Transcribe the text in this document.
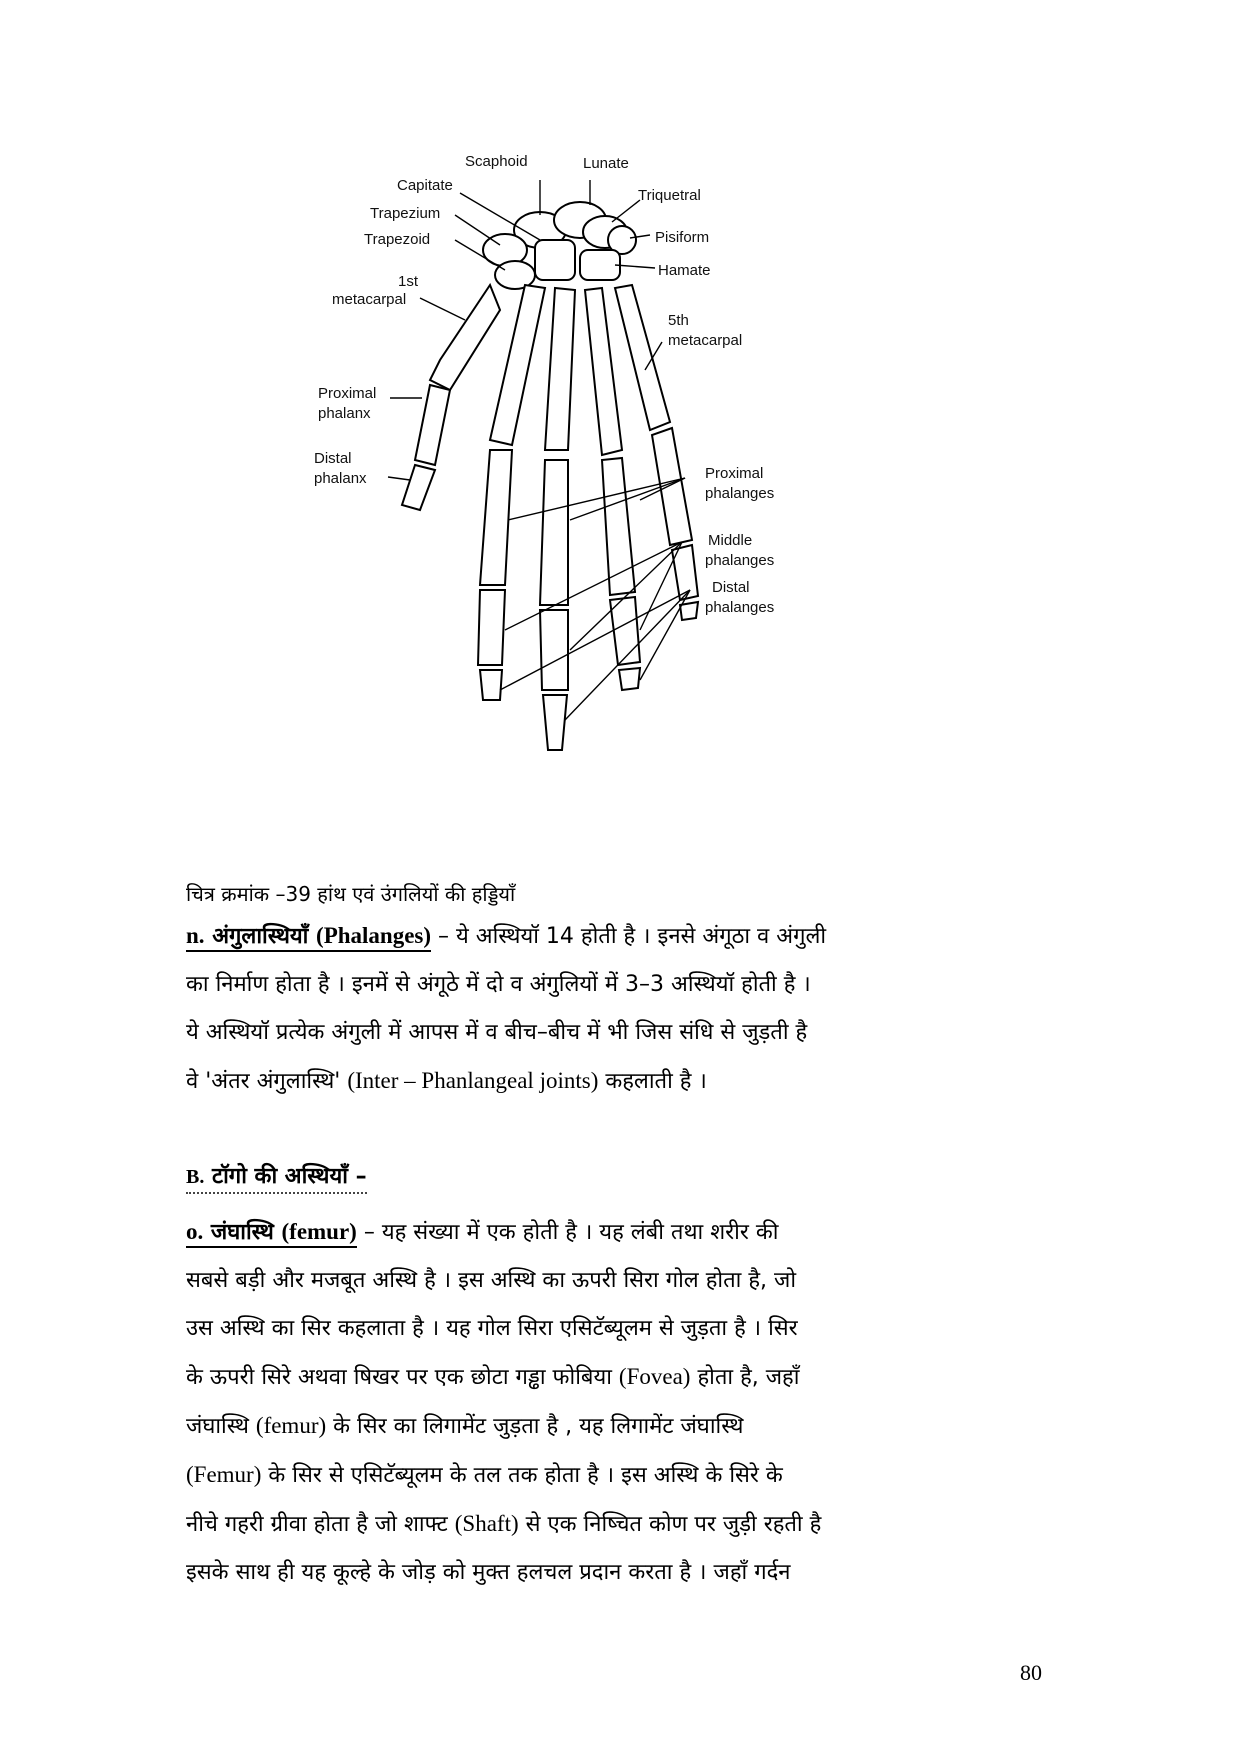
Scaphoid	Lunate
Capitate
Triquetral
Trapezium
Pisiform
Trapezoid
Hamate
1st
metacarpal
5th
metacarpal
Proximal
phalanx
Distal
phalanx	Proximal
phalanges
Middle
phalanges
Distal
phalanges
चित्र क्रमांक –39 हांथ एवं उंगलियों की हड्डियॉं
n. अंगुलास्थियॉं (Phalanges) – ये अस्थियॉ 14 होती है । इनसे अंगूठा व अंगुली
का निर्माण होता है । इनमें से अंगूठे में दो व अंगुलियों में 3–3 अस्थियॉ होती है ।
ये अस्थियॉ प्रत्येक अंगुली में आपस में व बीच–बीच में भी जिस संधि से जुड़ती है
वे 'अंतर अंगुलास्थि' (Inter – Phanlangeal joints) कहलाती है ।
B. टॉगो की अस्थियॉं –
o. जंघास्थि (femur) – यह संख्या में एक होती है । यह लंबी तथा शरीर की
सबसे बड़ी और मजबूत अस्थि है । इस अस्थि का ऊपरी सिरा गोल होता है, जो
उस अस्थि का सिर कहलाता है । यह गोल सिरा एसिटॅब्यूलम से जुड़ता है । सिर
के ऊपरी सिरे अथवा षिखर पर एक छोटा गड्ढा फोबिया (Fovea) होता है, जहॉं
जंघास्थि (femur) के सिर का लिगामेंट जुड़ता है , यह लिगामेंट जंघास्थि
(Femur) के सिर से एसिटॅब्यूलम के तल तक होता है । इस अस्थि के सिरे के
नीचे गहरी ग्रीवा होता है जो शाफ्ट (Shaft) से एक निष्चित कोण पर जुड़ी रहती है
इसके साथ ही यह कूल्हे के जोड़ को मुक्त हलचल प्रदान करता है । जहॉं गर्दन
80
